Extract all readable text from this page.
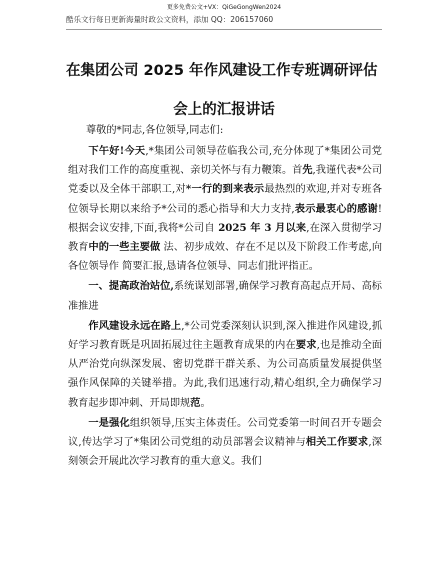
更多免费公文+VX：QiGeGongWen2024
酷乐文行每日更新海量时政公文资料，添加 QQ：206157060
在集团公司 2025 年作风建设工作专班调研评估
会上的汇报讲话
尊敬的*同志,各位领导,同志们:

下午好!今天,*集团公司领导莅临我公司,充分体现了*集团公司党组对我们工作的高度重视、亲切关怀与有力鞭策。首先,我谨代表*公司党委以及全体干部职工,对*一行的到来表示最热烈的欢迎,并对专班各位领导长期以来给予*公司的悉心指导和大力支持,表示最衷心的感谢!根据会议安排,下面,我将*公司自 2025 年 3 月以来,在深入贯彻学习教育中的一些主要做 法、初步成效、存在不足以及下阶段工作考虑,向各位领导作 简要汇报,恳请各位领导、同志们批评指正。

一、提高政治站位,系统谋划部署,确保学习教育高起点开局、高标准推进

作风建设永远在路上,*公司党委深刻认识到,深入推进作风建设,抓好学习教育既是巩固拓展过往主题教育成果的内在要求,也是推动全面从严治党向纵深发展、密切党群干群关系、为公司高质量发展提供坚强作风保障的关键举措。为此,我们迅速行动,精心组织,全力确保学习教育起步即冲刺、开局即规范。

一是强化组织领导,压实主体责任。公司党委第一时间召开专题会议,传达学习了*集团公司党组的动员部署会议精神与相关工作要求,深刻领会开展此次学习教育的重大意义。我们
